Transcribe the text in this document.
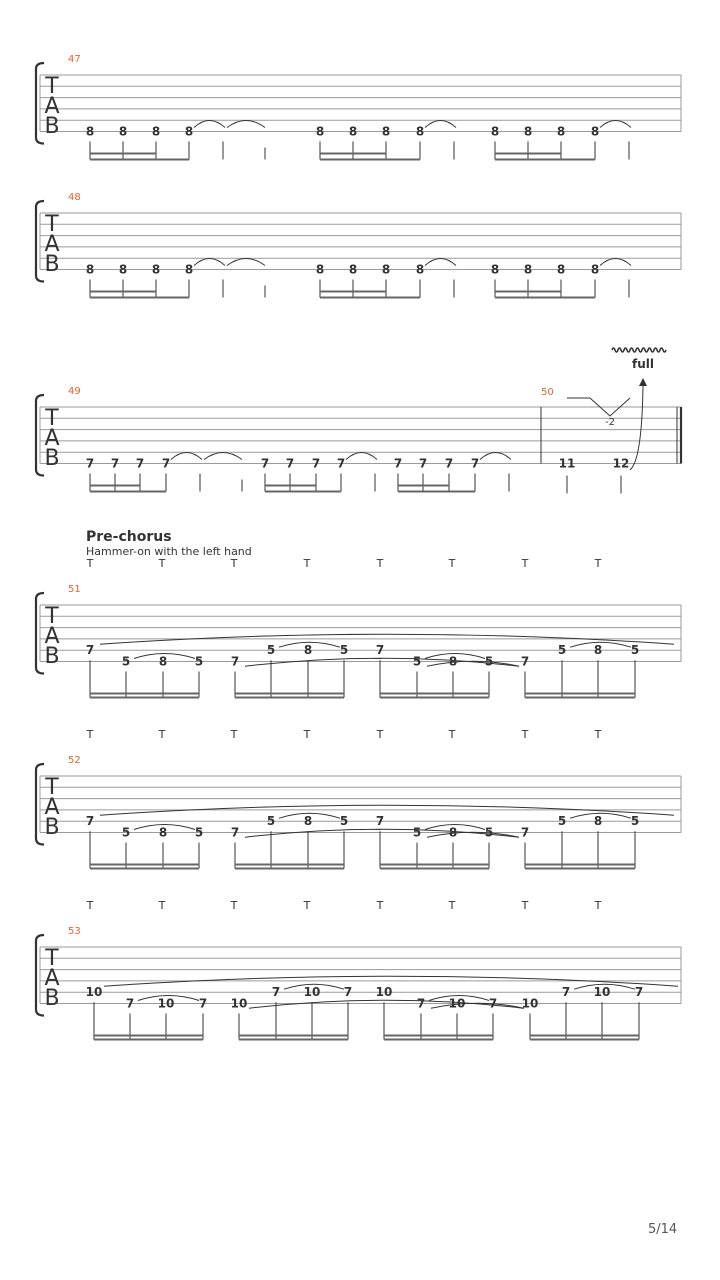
T
A
B
47
8 8 8 8	8 8 8 8	8 8 8 8
T
A
B
48
8 8 8 8	8 8 8 8	8 8 8 8
T
A
B
49
7 7 7 7	7 7 7 7	7 7 7 7
50
11	12
-2
full
Pre-chorus
Hammer-on with the left hand
T
A
B
51
T	T	T	T	T	T	T	T
7
5 8 5 7
5 8 5 7
5 8 5 7
5 8 5
T
A
B
52
T	T	T	T	T	T	T	T
7
5 8 5 7
5 8 5 7
5 8 5 7
5 8 5
T
A
B
53
T	T	T	T	T	T	T	T
10
7 10 7 10
7 10 7 10
7 10 7 10
7 10 7
5/14
